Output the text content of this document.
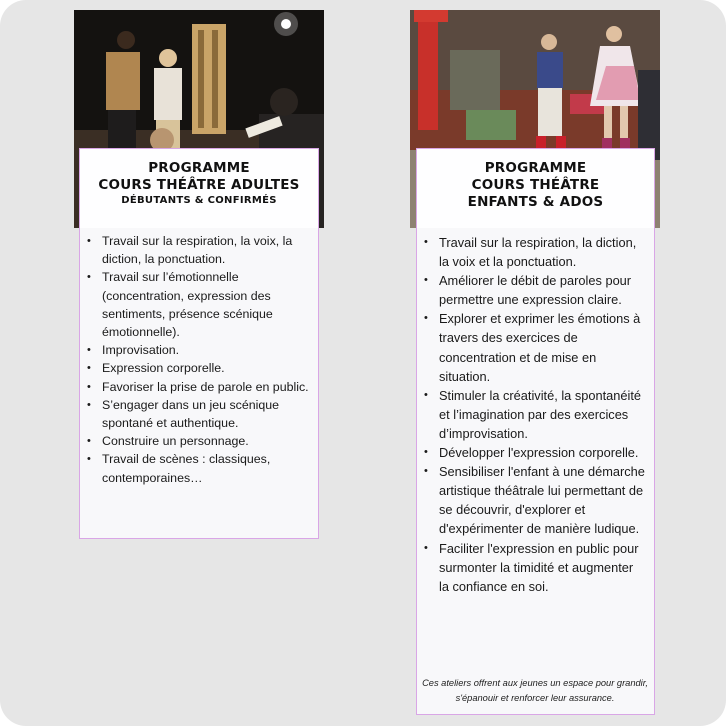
PROGRAMME
COURS THÉÂTRE ADULTES
DÉBUTANTS & CONFIRMÉS
• Travail sur la respiration, la voix, la diction, la ponctuation.
• Travail sur l’émotionnelle (concentration, expression des sentiments, présence scénique émotionnelle).
• Improvisation.
• Expression corporelle.
• Favoriser la prise de parole en public.
• S’engager dans un jeu scénique spontané et authentique.
• Construire un personnage.
• Travail de scènes : classiques, contemporaines…
PROGRAMME
COURS THÉÂTRE
ENFANTS & ADOS
• Travail sur la respiration, la diction, la voix et la ponctuation.
• Améliorer le débit de paroles pour permettre une expression claire.
• Explorer et exprimer les émotions à travers des exercices de concentration et de mise en situation.
• Stimuler la créativité, la spontanéité et l’imagination par des exercices d’improvisation.
• Développer l'expression corporelle.
• Sensibiliser l'enfant à une démarche artistique théâtrale lui permettant de se découvrir, d'explorer et d'expérimenter de manière ludique.
• Faciliter l'expression en public pour surmonter la timidité et augmenter la confiance en soi.
Ces ateliers offrent aux jeunes un espace pour grandir, s'épanouir et renforcer leur assurance.
